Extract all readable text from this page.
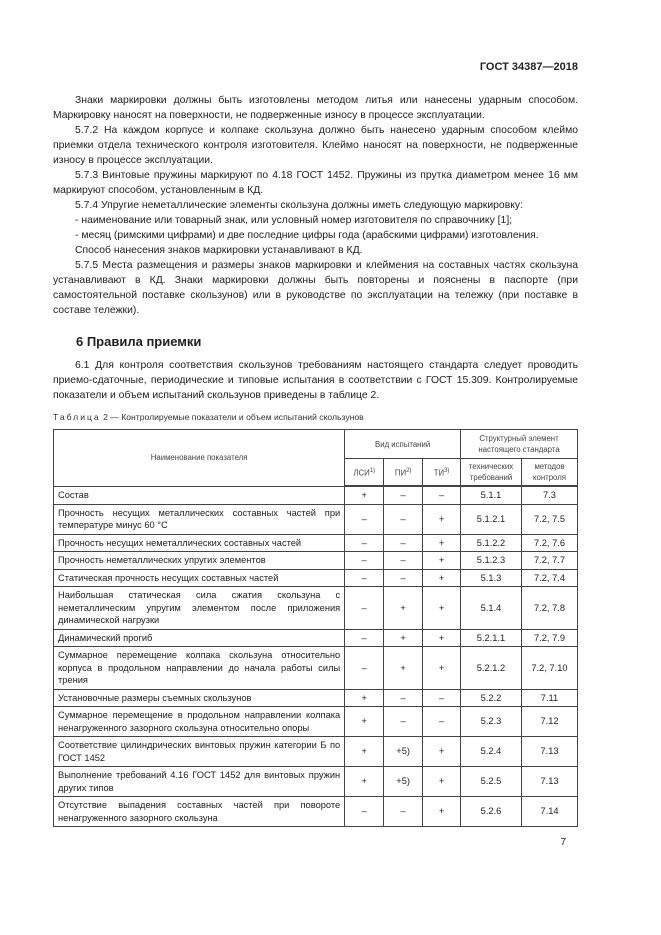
ГОСТ 34387—2018

Знаки маркировки должны быть изготовлены методом литья или нанесены ударным способом. Маркировку наносят на поверхности, не подверженные износу в процессе эксплуатации.

5.7.2 На каждом корпусе и колпаке скользуна должно быть нанесено ударным способом клеймо приемки отдела технического контроля изготовителя. Клеймо наносят на поверхности, не подверженные износу в процессе эксплуатации.

5.7.3 Винтовые пружины маркируют по 4.18 ГОСТ 1452. Пружины из прутка диаметром менее 16 мм маркируют способом, установленным в КД.

5.7.4 Упругие неметаллические элементы скользуна должны иметь следующую маркировку:

- наименование или товарный знак, или условный номер изготовителя по справочнику [1];

- месяц (римскими цифрами) и две последние цифры года (арабскими цифрами) изготовления.

Способ нанесения знаков маркировки устанавливают в КД.

5.7.5 Места размещения и размеры знаков маркировки и клеймения на составных частях скользуна устанавливают в КД. Знаки маркировки должны быть повторены и пояснены в паспорте (при самостоятельной поставке скользунов) или в руководстве по эксплуатации на тележку (при поставке в составе тележки).

6 Правила приемки

6.1 Для контроля соответствия скользунов требованиям настоящего стандарта следует проводить приемо-сдаточные, периодические и типовые испытания в соответствии с ГОСТ 15.309. Контролируемые показатели и объем испытаний скользунов приведены в таблице 2.

Таблица 2 — Контролируемые показатели и объем испытаний скользунов
Наименование показателя	Вид испытаний			Структурный элемент настоящего стандарта	
	ЛСИ$^{1)}$	ПИ$^{2)}$	ТИ$^{3)}$	технических требований	методов контроля
Состав	+	–	–	5.1.1	7.3
Прочность несущих металлических составных частей при температуре минус 60 °С	–	–	+	5.1.2.1	7.2, 7.5
Прочность несущих неметаллических составных частей	–	–	+	5.1.2.2	7.2, 7.6
Прочность неметаллических упругих элементов	–	–	+	5.1.2.3	7.2, 7.7
Статическая прочность несущих составных частей	–	–	+	5.1.3	7.2, 7.4
Наибольшая статическая сила сжатия скользуна с неметаллическим упругим элементом после приложения динамической нагрузки	–	+	+	5.1.4	7.2, 7.8
Динамический прогиб	–	+	+	5.2.1.1	7.2, 7.9
Суммарное перемещение колпака скользуна относительно корпуса в продольном направлении до начала работы силы трения	–	+	+	5.2.1.2	7.2, 7.10
Установочные размеры съемных скользунов	+	–	–	5.2.2	7.11
Суммарное перемещение в продольном направлении колпака ненагруженного зазорного скользуна относительно опоры	+	–	–	5.2.3	7.12
Соответствие цилиндрических винтовых пружин категории Б по ГОСТ 1452	+	+5)	+	5.2.4	7.13
Выполнение требований 4.16 ГОСТ 1452 для винтовых пружин других типов	+	+5)	+	5.2.5	7.13
Отсутствие выпадения составных частей при повороте ненагруженного зазорного скользуна	–	–	+	5.2.6	7.14
7
